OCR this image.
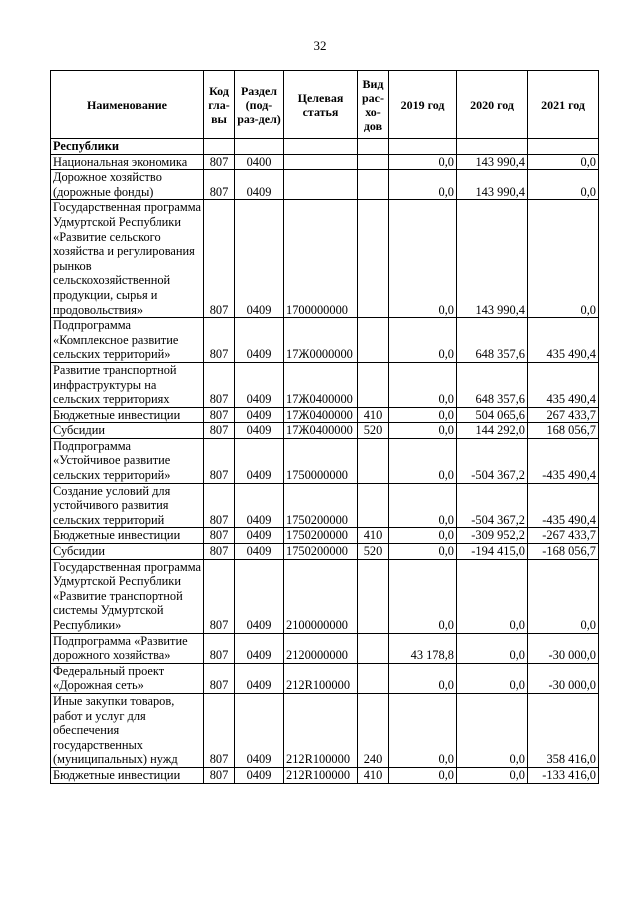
32
Наименование	Код гла-вы	Раздел (под-раз-дел)	Целевая статья	Вид рас-хо-дов	2019 год	2020 год	2021 год
Республики							
Национальная экономика	807	0400			0,0	143 990,4	0,0
Дорожное хозяйство (дорожные фонды)	807	0409			0,0	143 990,4	0,0
Государственная программа Удмуртской Республики «Развитие сельского хозяйства и регулирования рынков сельскохозяйственной продукции, сырья и продовольствия»	807	0409	1700000000		0,0	143 990,4	0,0
Подпрограмма «Комплексное развитие сельских территорий»	807	0409	17Ж0000000		0,0	648 357,6	435 490,4
Развитие транспортной инфраструктуры на сельских территориях	807	0409	17Ж0400000		0,0	648 357,6	435 490,4
Бюджетные инвестиции	807	0409	17Ж0400000	410	0,0	504 065,6	267 433,7
Субсидии	807	0409	17Ж0400000	520	0,0	144 292,0	168 056,7
Подпрограмма «Устойчивое развитие сельских территорий»	807	0409	1750000000		0,0	-504 367,2	-435 490,4
Создание условий для устойчивого развития сельских территорий	807	0409	1750200000		0,0	-504 367,2	-435 490,4
Бюджетные инвестиции	807	0409	1750200000	410	0,0	-309 952,2	-267 433,7
Субсидии	807	0409	1750200000	520	0,0	-194 415,0	-168 056,7
Государственная программа Удмуртской Республики «Развитие транспортной системы Удмуртской Республики»	807	0409	2100000000		0,0	0,0	0,0
Подпрограмма «Развитие дорожного хозяйства»	807	0409	2120000000		43 178,8	0,0	-30 000,0
Федеральный проект «Дорожная сеть»	807	0409	212R100000		0,0	0,0	-30 000,0
Иные закупки товаров, работ и услуг для обеспечения государственных (муниципальных) нужд	807	0409	212R100000	240	0,0	0,0	358 416,0
Бюджетные инвестиции	807	0409	212R100000	410	0,0	0,0	-133 416,0
